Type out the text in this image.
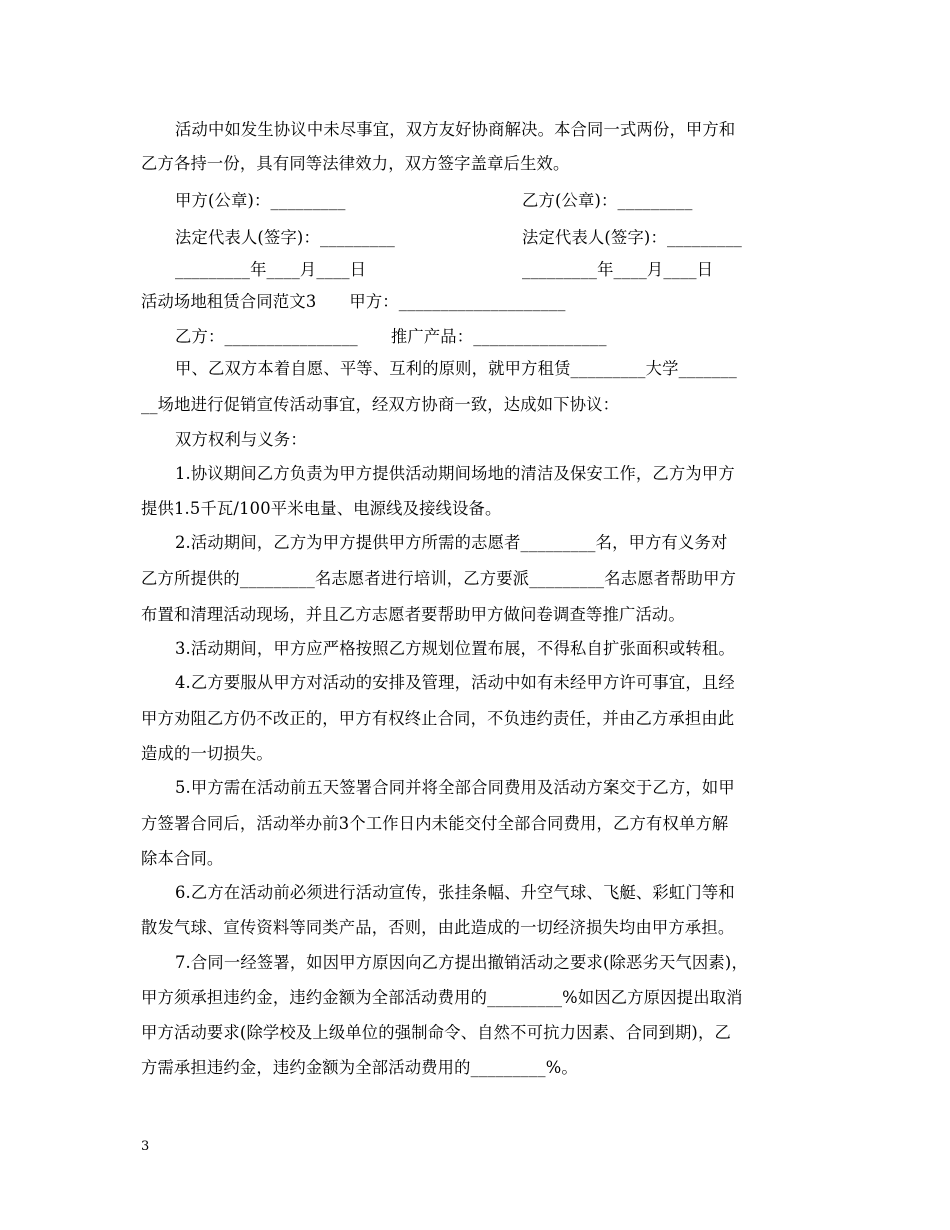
活动中如发生协议中未尽事宜，双方友好协商解决。本合同一式两份，甲方和
乙方各持一份，具有同等法律效力，双方签字盖章后生效。
甲方(公章)：_________	乙方(公章)：_________
法定代表人(签字)：_________	法定代表人(签字)：_________
_________年____月____日	_________年____月____日
活动场地租赁合同范文3　　甲方：____________________
乙方：________________　　推广产品：________________
甲、乙双方本着自愿、平等、互利的原则，就甲方租赁_________大学_______
__场地进行促销宣传活动事宜，经双方协商一致，达成如下协议：
双方权利与义务：
1.协议期间乙方负责为甲方提供活动期间场地的清洁及保安工作，乙方为甲方
提供1.5千瓦/100平米电量、电源线及接线设备。
2.活动期间，乙方为甲方提供甲方所需的志愿者_________名，甲方有义务对
乙方所提供的_________名志愿者进行培训，乙方要派_________名志愿者帮助甲方
布置和清理活动现场，并且乙方志愿者要帮助甲方做问卷调查等推广活动。
3.活动期间，甲方应严格按照乙方规划位置布展，不得私自扩张面积或转租。
4.乙方要服从甲方对活动的安排及管理，活动中如有未经甲方许可事宜，且经
甲方劝阻乙方仍不改正的，甲方有权终止合同，不负违约责任，并由乙方承担由此
造成的一切损失。
5.甲方需在活动前五天签署合同并将全部合同费用及活动方案交于乙方，如甲
方签署合同后，活动举办前3个工作日内未能交付全部合同费用，乙方有权单方解
除本合同。
6.乙方在活动前必须进行活动宣传，张挂条幅、升空气球、飞艇、彩虹门等和
散发气球、宣传资料等同类产品，否则，由此造成的一切经济损失均由甲方承担。
7.合同一经签署，如因甲方原因向乙方提出撤销活动之要求(除恶劣天气因素)，
甲方须承担违约金，违约金额为全部活动费用的_________%如因乙方原因提出取消
甲方活动要求(除学校及上级单位的强制命令、自然不可抗力因素、合同到期)，乙
方需承担违约金，违约金额为全部活动费用的_________%。
3
